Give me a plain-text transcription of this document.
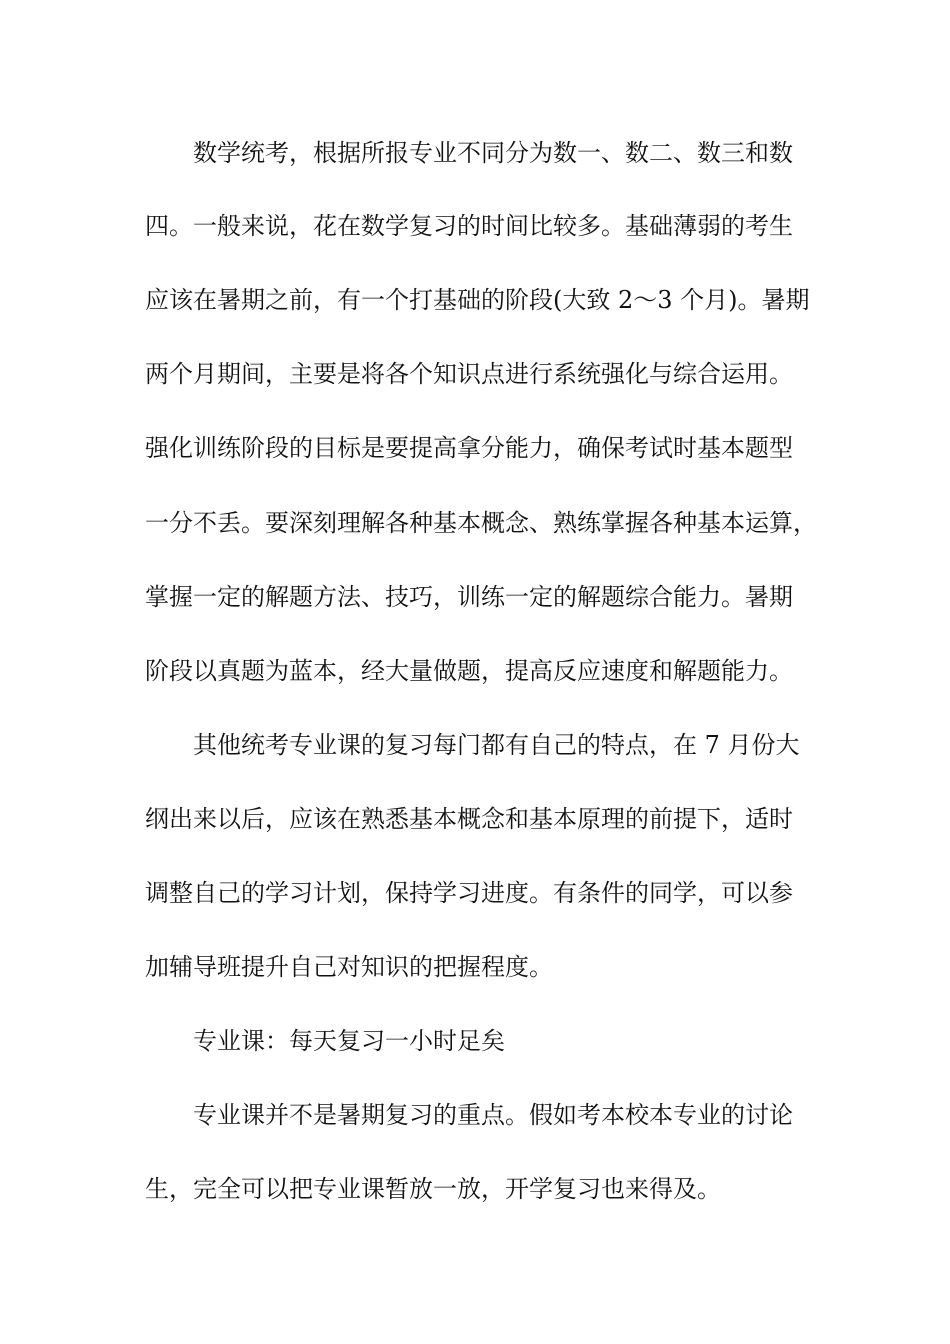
数学统考，根据所报专业不同分为数一、数二、数三和数
四。一般来说，花在数学复习的时间比较多。基础薄弱的考生
应该在暑期之前，有一个打基础的阶段(大致 2～3 个月)。暑期
两个月期间，主要是将各个知识点进行系统强化与综合运用。
强化训练阶段的目标是要提高拿分能力，确保考试时基本题型
一分不丢。要深刻理解各种基本概念、熟练掌握各种基本运算，
掌握一定的解题方法、技巧，训练一定的解题综合能力。暑期
阶段以真题为蓝本，经大量做题，提高反应速度和解题能力。
其他统考专业课的复习每门都有自己的特点，在 7 月份大
纲出来以后，应该在熟悉基本概念和基本原理的前提下，适时
调整自己的学习计划，保持学习进度。有条件的同学，可以参
加辅导班提升自己对知识的把握程度。
专业课：每天复习一小时足矣
专业课并不是暑期复习的重点。假如考本校本专业的讨论
生，完全可以把专业课暂放一放，开学复习也来得及。
